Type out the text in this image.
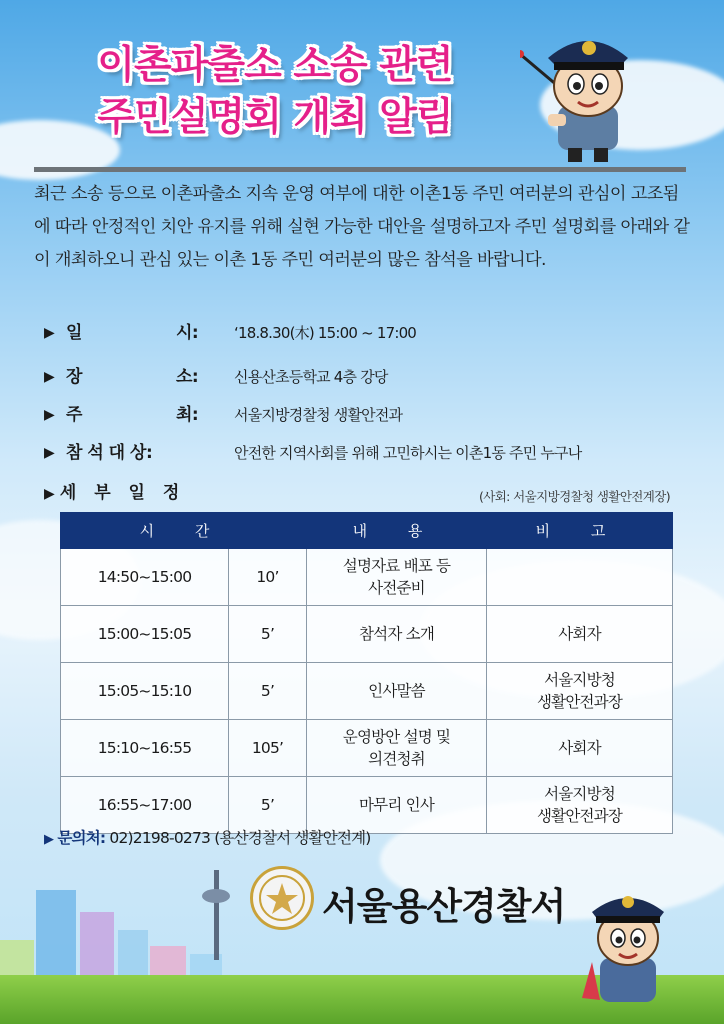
이촌파출소 소송 관련
주민설명회 개최 알림
최근 소송 등으로 이촌파출소 지속 운영 여부에 대한 이촌1동 주민 여러분의 관심이 고조됨에 따라 안정적인 치안 유지를 위해 실현 가능한 대안을 설명하고자 주민 설명회를 아래와 같이 개최하오니 관심 있는 이촌 1동 주민 여러분의 많은 참석을 바랍니다.
▶ 일	시: ‘18.8.30(木) 15:00 ~ 17:00
▶ 장	소: 신용산초등학교 4층 강당
▶ 주	최: 서울지방경찰청 생활안전과
▶ 참 석 대 상:	안전한 지역사회를 위해 고민하시는 이촌1동 주민 누구나
▶ 세 부 일 정	(사회: 서울지방경찰청 생활안전계장)
시 간		내 용	비 고
14:50~15:00	10’	설명자료 배포 등
사전준비	

15:00~15:05	5’	참석자 소개	사회자

15:05~15:10	5’	인사말씀	서울지방청
생활안전과장

15:10~16:55	105’	운영방안 설명 및
의견청취	사회자

16:55~17:00	5’	마무리 인사	서울지방청
생활안전과장
▶ 문의처: 02)2198-0273 (용산경찰서 생활안전계)
서울용산경찰서
